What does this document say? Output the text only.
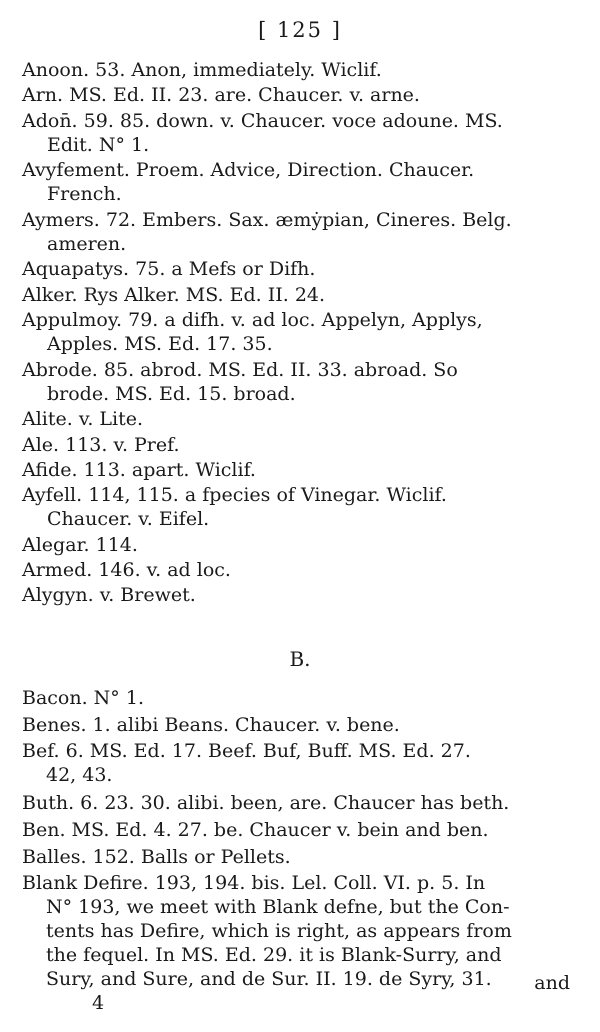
[ 125 ]
Anoon. 53. Anon, immediately. Wiclif.
Arn. MS. Ed. II. 23. are. Chaucer. v. arne.
Adon̄. 59. 85. down. v. Chaucer. voce adoune. MS.
Edit. N° 1.
Avyfement. Proem. Advice, Direction. Chaucer.
French.
Aymers. 72. Embers. Sax. æmẏpian, Cineres. Belg.
ameren.
Aquapatys. 75. a Mefs or Difh.
Alker. Rys Alker. MS. Ed. II. 24.
Appulmoy. 79. a difh. v. ad loc. Appelyn, Applys,
Apples. MS. Ed. 17. 35.
Abrode. 85. abrod. MS. Ed. II. 33. abroad. So
brode. MS. Ed. 15. broad.
Alite. v. Lite.
Ale. 113. v. Pref.
Afide. 113. apart. Wiclif.
Ayfell. 114, 115. a fpecies of Vinegar. Wiclif.
Chaucer. v. Eifel.
Alegar. 114.
Armed. 146. v. ad loc.
Alygyn. v. Brewet.
B.
Bacon. N° 1.
Benes. 1. alibi Beans. Chaucer. v. bene.
Bef. 6. MS. Ed. 17. Beef. Buf, Buff. MS. Ed. 27.
42, 43.
Buth. 6. 23. 30. alibi. been, are. Chaucer has beth.
Ben. MS. Ed. 4. 27. be. Chaucer v. bein and ben.
Balles. 152. Balls or Pellets.
Blank Defire. 193, 194. bis. Lel. Coll. VI. p. 5. In
N° 193, we meet with Blank defne, but the Con-
tents has Defire, which is right, as appears from
the fequel. In MS. Ed. 29. it is Blank-Surry, and
Sury, and Sure, and de Sur. II. 19. de Syry, 31.	and
4
